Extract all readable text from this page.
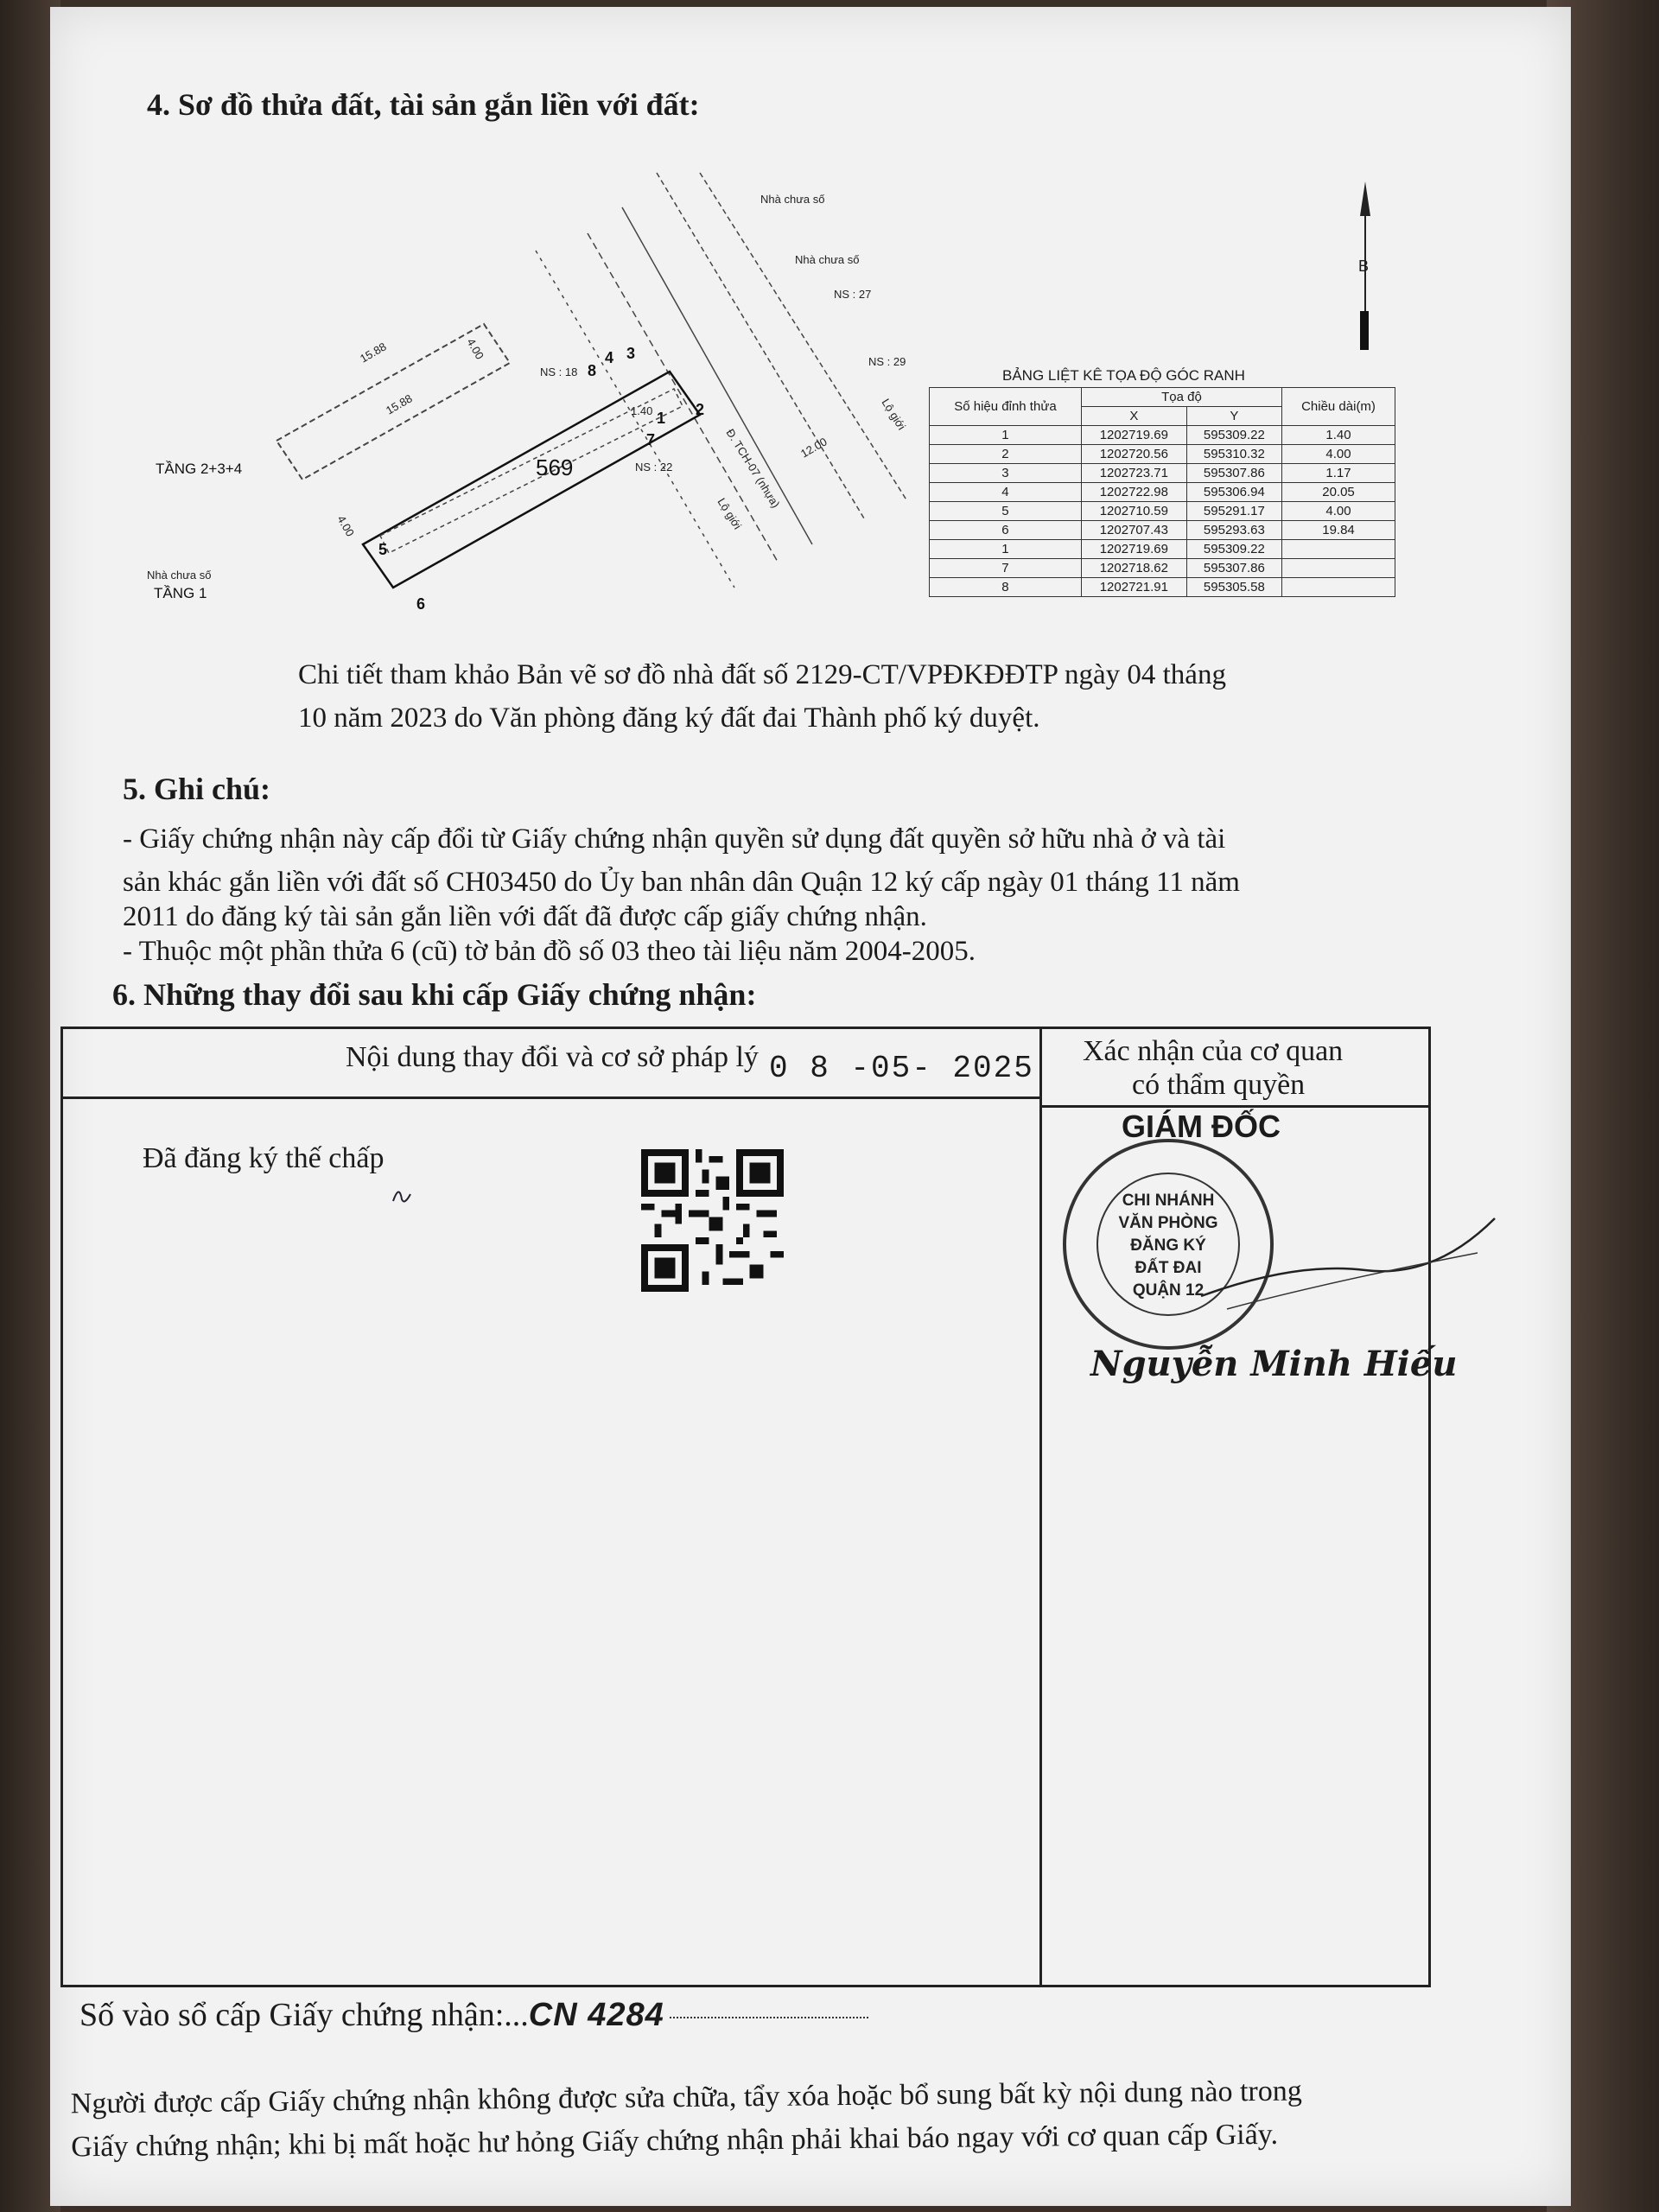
4. Sơ đồ thửa đất, tài sản gắn liền với đất:
Nhà chưa số
Nhà chưa số
Nhà chưa số
NS : 18
NS : 22
NS : 27
NS : 29
Đ. TCH-07 (nhựa)
Lộ giới
Lộ giới
15.88
15.88
12.00
4.00
1.40
4.00
569
TẦNG 2+3+4
TẦNG 1
1 2
3
4
5
6
7
8
B
BẢNG LIỆT KÊ TỌA ĐỘ GÓC RANH
Số hiệu đỉnh thửa	Tọa độ		Chiều dài(m)
	X	Y	
1	1202719.69	595309.22	1.40
2	1202720.56	595310.32	4.00
3	1202723.71	595307.86	1.17
4	1202722.98	595306.94	20.05
5	1202710.59	595291.17	4.00
6	1202707.43	595293.63	19.84
1	1202719.69	595309.22	
7	1202718.62	595307.86	
8	1202721.91	595305.58	
Chi tiết tham khảo Bản vẽ sơ đồ nhà đất số 2129-CT/VPĐKĐĐTP ngày 04 tháng
10 năm 2023 do Văn phòng đăng ký đất đai Thành phố ký duyệt.
5. Ghi chú:
- Giấy chứng nhận này cấp đổi từ Giấy chứng nhận quyền sử dụng đất quyền sở hữu nhà ở và tài
sản khác gắn liền với đất số CH03450 do Ủy ban nhân dân Quận 12 ký cấp ngày 01 tháng 11 năm
2011 do đăng ký tài sản gắn liền với đất đã được cấp giấy chứng nhận.
- Thuộc một phần thửa 6 (cũ) tờ bản đồ số 03 theo tài liệu năm 2004-2005.
6. Những thay đổi sau khi cấp Giấy chứng nhận:
Nội dung thay đổi và cơ sở pháp lý 0 8 -05- 2025 Xác nhận của cơ quan
có thẩm quyền
Đã đăng ký thế chấp
GIÁM ĐỐC
CHI NHÁNH
VĂN PHÒNG
ĐĂNG KÝ
ĐẤT ĐAI
QUẬN 12
Nguyễn Minh Hiếu
Số vào sổ cấp Giấy chứng nhận:...CN 4284
Người được cấp Giấy chứng nhận không được sửa chữa, tẩy xóa hoặc bổ sung bất kỳ nội dung nào trong
Giấy chứng nhận; khi bị mất hoặc hư hỏng Giấy chứng nhận phải khai báo ngay với cơ quan cấp Giấy.
